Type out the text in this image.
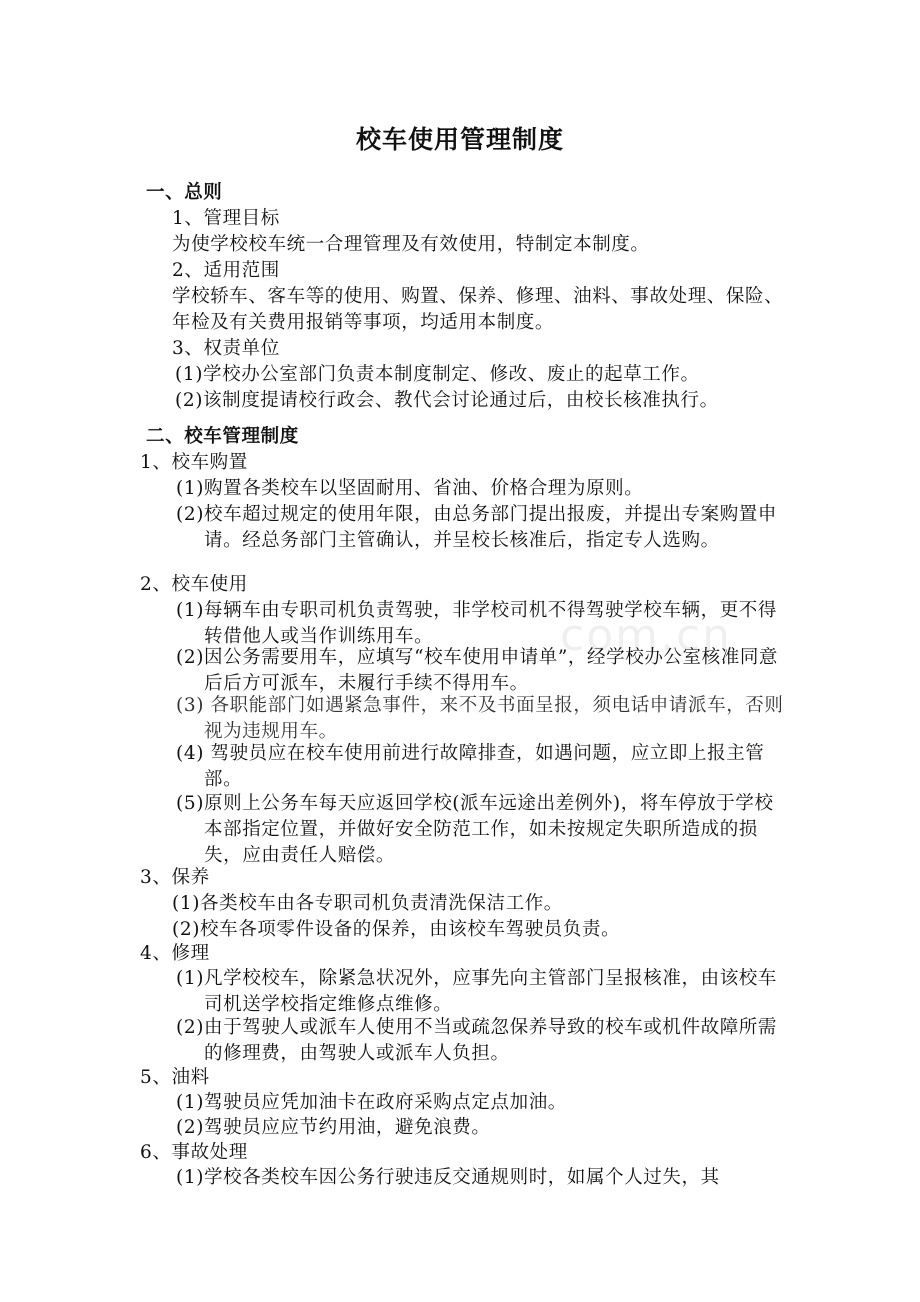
com.cn
校车使用管理制度
一、总则
1、管理目标
为使学校校车统一合理管理及有效使用，特制定本制度。
2、适用范围
学校轿车、客车等的使用、购置、保养、修理、油料、事故处理、保险、年检及有关费用报销等事项，均适用本制度。
3、权责单位
(1)学校办公室部门负责本制度制定、修改、废止的起草工作。
(2)该制度提请校行政会、教代会讨论通过后，由校长核准执行。
二、校车管理制度
1、校车购置
(1)购置各类校车以坚固耐用、省油、价格合理为原则。
(2)校车超过规定的使用年限，由总务部门提出报废，并提出专案购置申请。经总务部门主管确认，并呈校长核准后，指定专人选购。
2、校车使用
(1)每辆车由专职司机负责驾驶，非学校司机不得驾驶学校车辆，更不得转借他人或当作训练用车。
(2)因公务需要用车，应填写“校车使用申请单”，经学校办公室核准同意后后方可派车，未履行手续不得用车。
(3) 各职能部门如遇紧急事件，来不及书面呈报，须电话申请派车，否则视为违规用车。
(4) 驾驶员应在校车使用前进行故障排查，如遇问题，应立即上报主管部。
(5)原则上公务车每天应返回学校(派车远途出差例外)，将车停放于学校本部指定位置，并做好安全防范工作，如未按规定失职所造成的损失，应由责任人赔偿。
3、保养
(1)各类校车由各专职司机负责清洗保洁工作。
(2)校车各项零件设备的保养，由该校车驾驶员负责。
4、修理
(1)凡学校校车，除紧急状况外，应事先向主管部门呈报核准，由该校车司机送学校指定维修点维修。
(2)由于驾驶人或派车人使用不当或疏忽保养导致的校车或机件故障所需的修理费，由驾驶人或派车人负担。
5、油料
(1)驾驶员应凭加油卡在政府采购点定点加油。
(2)驾驶员应应节约用油，避免浪费。
6、事故处理
(1)学校各类校车因公务行驶违反交通规则时，如属个人过失，其
